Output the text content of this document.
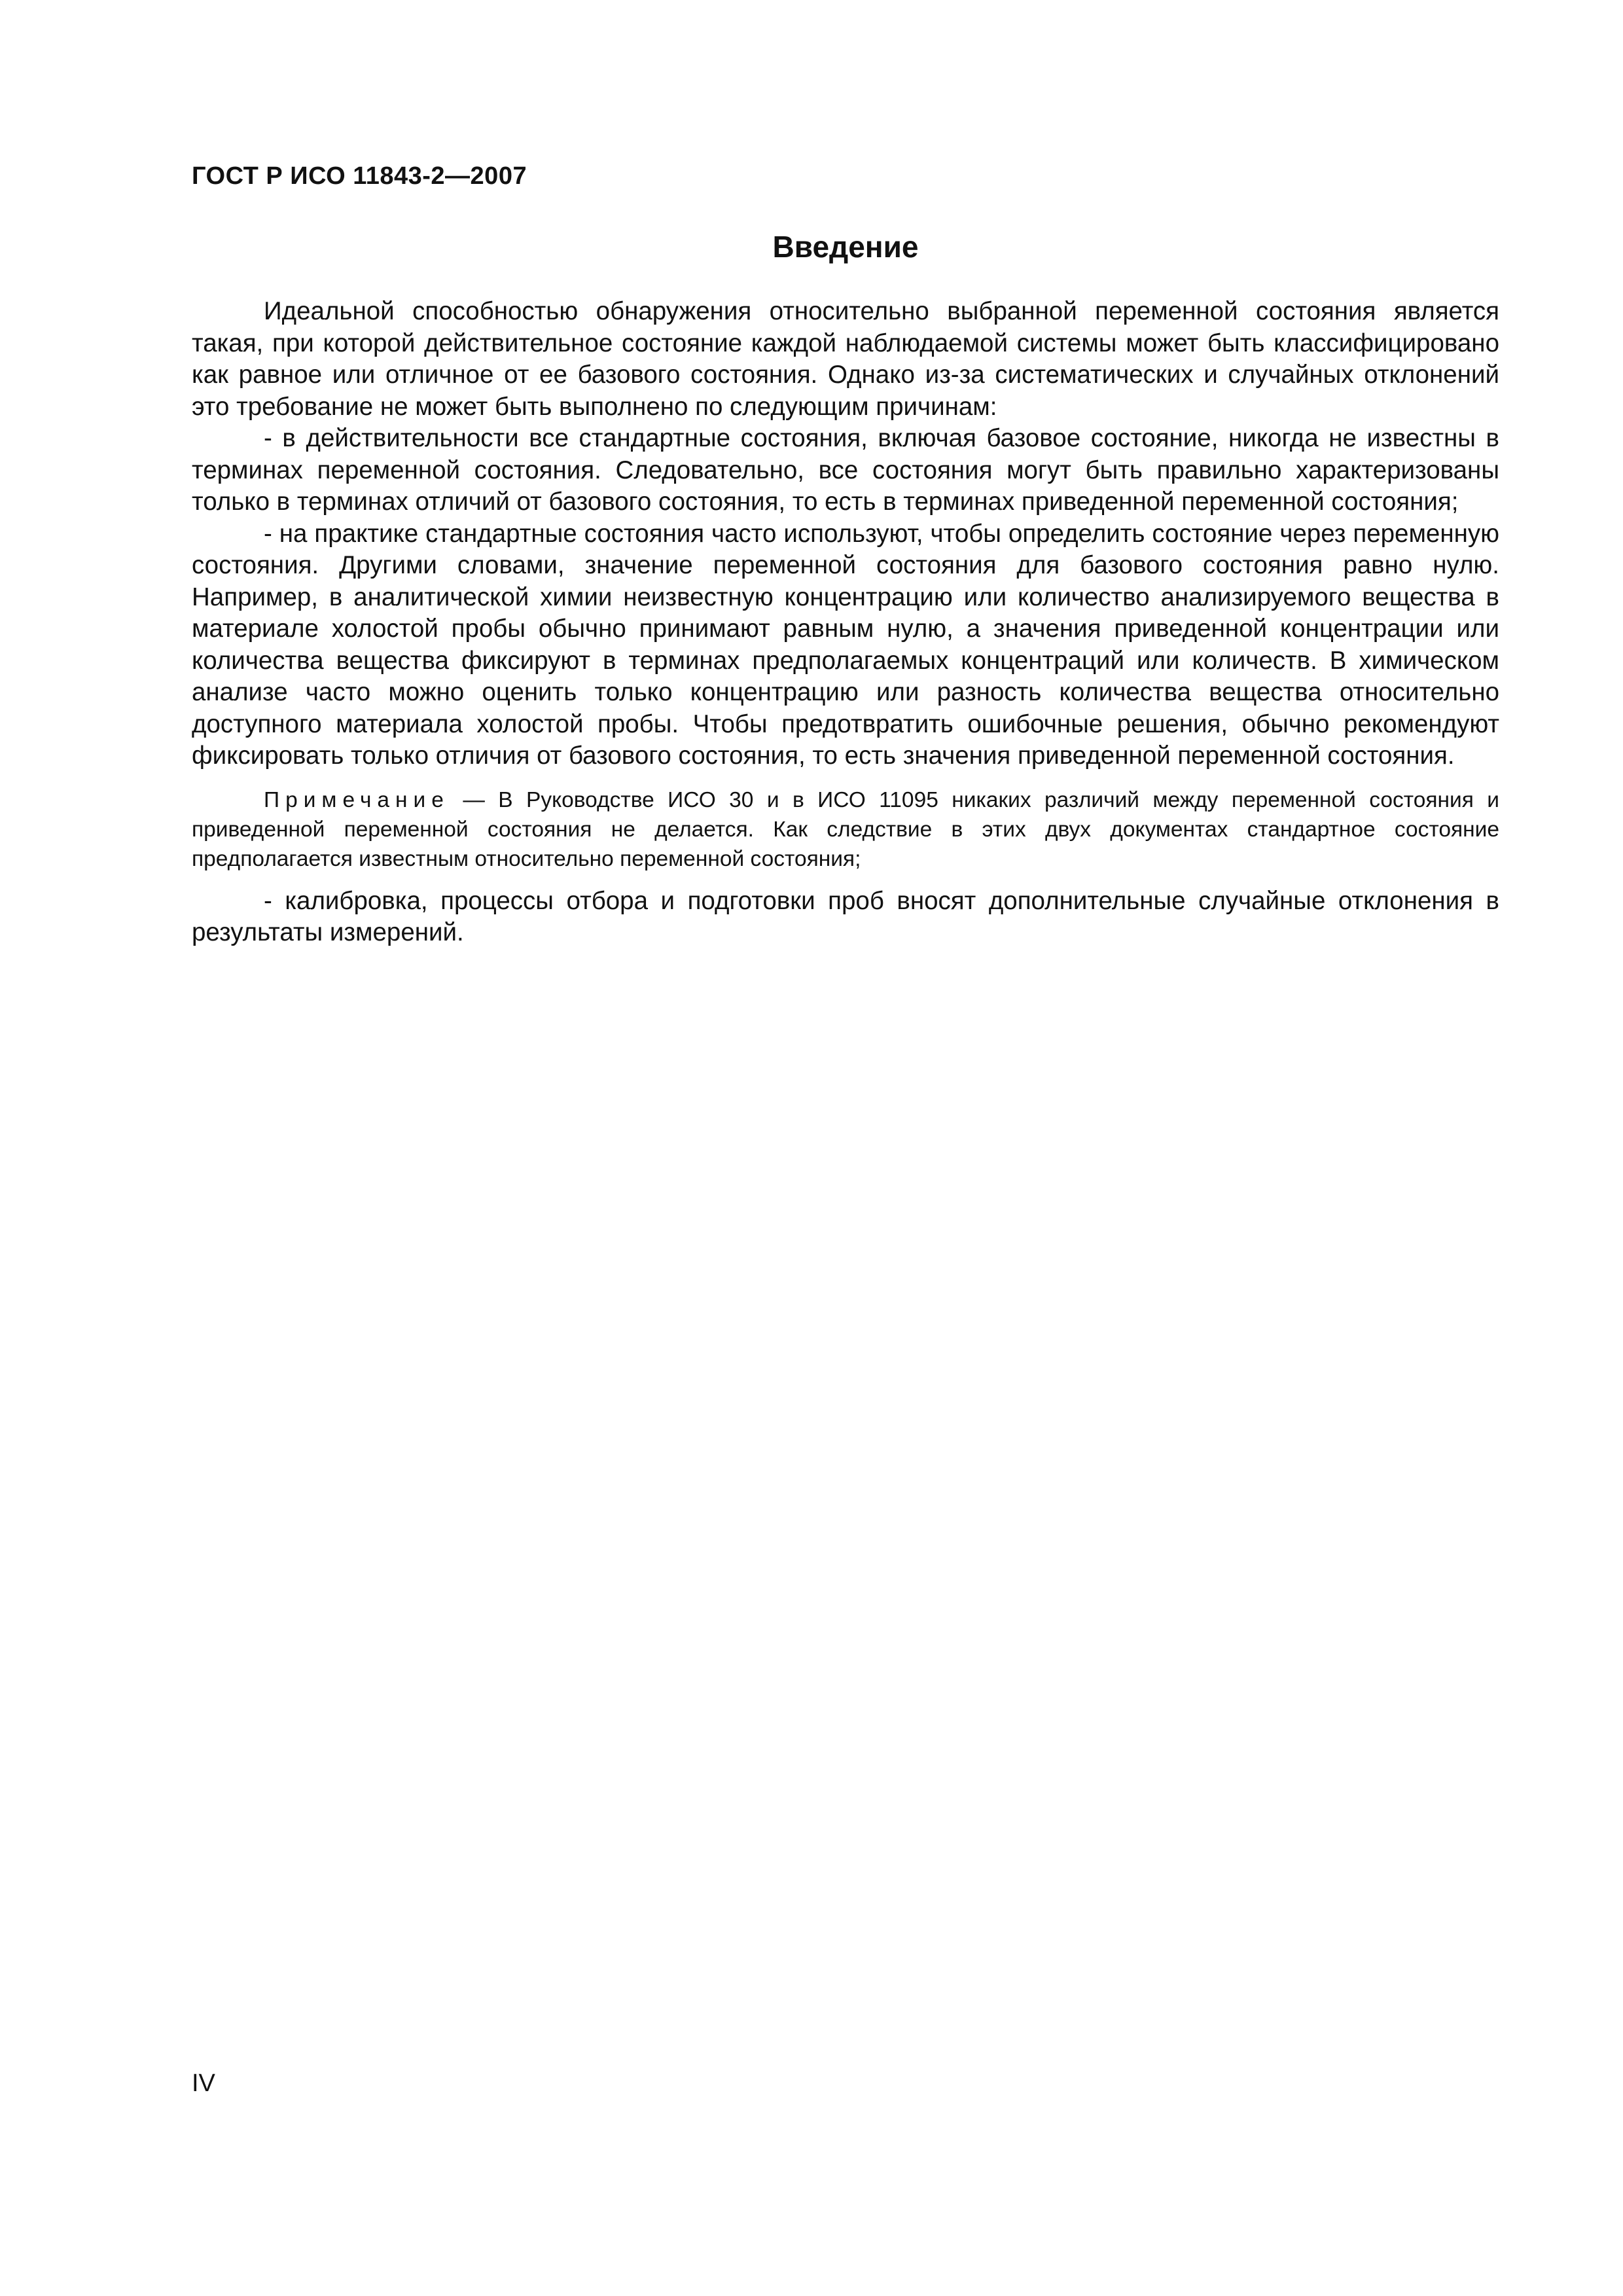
ГОСТ Р ИСО 11843-2—2007
Введение

Идеальной способностью обнаружения относительно выбранной переменной состояния является такая, при которой действительное состояние каждой наблюдаемой системы может быть классифицировано как равное или отличное от ее базового состояния. Однако из-за систематических и случайных отклонений это требование не может быть выполнено по следующим причинам:

- в действительности все стандартные состояния, включая базовое состояние, никогда не известны в терминах переменной состояния. Следовательно, все состояния могут быть правильно характеризованы только в терминах отличий от базового состояния, то есть в терминах приведенной переменной состояния;

- на практике стандартные состояния часто используют, чтобы определить состояние через переменную состояния. Другими словами, значение переменной состояния для базового состояния равно нулю. Например, в аналитической химии неизвестную концентрацию или количество анализируемого вещества в материале холостой пробы обычно принимают равным нулю, а значения приведенной концентрации или количества вещества фиксируют в терминах предполагаемых концентраций или количеств. В химическом анализе часто можно оценить только концентрацию или разность количества вещества относительно доступного материала холостой пробы. Чтобы предотвратить ошибочные решения, обычно рекомендуют фиксировать только отличия от базового состояния, то есть значения приведенной переменной состояния.

Примечание — В Руководстве ИСО 30 и в ИСО 11095 никаких различий между переменной состояния и приведенной переменной состояния не делается. Как следствие в этих двух документах стандартное состояние предполагается известным относительно переменной состояния;

- калибровка, процессы отбора и подготовки проб вносят дополнительные случайные отклонения в результаты измерений.

IV
